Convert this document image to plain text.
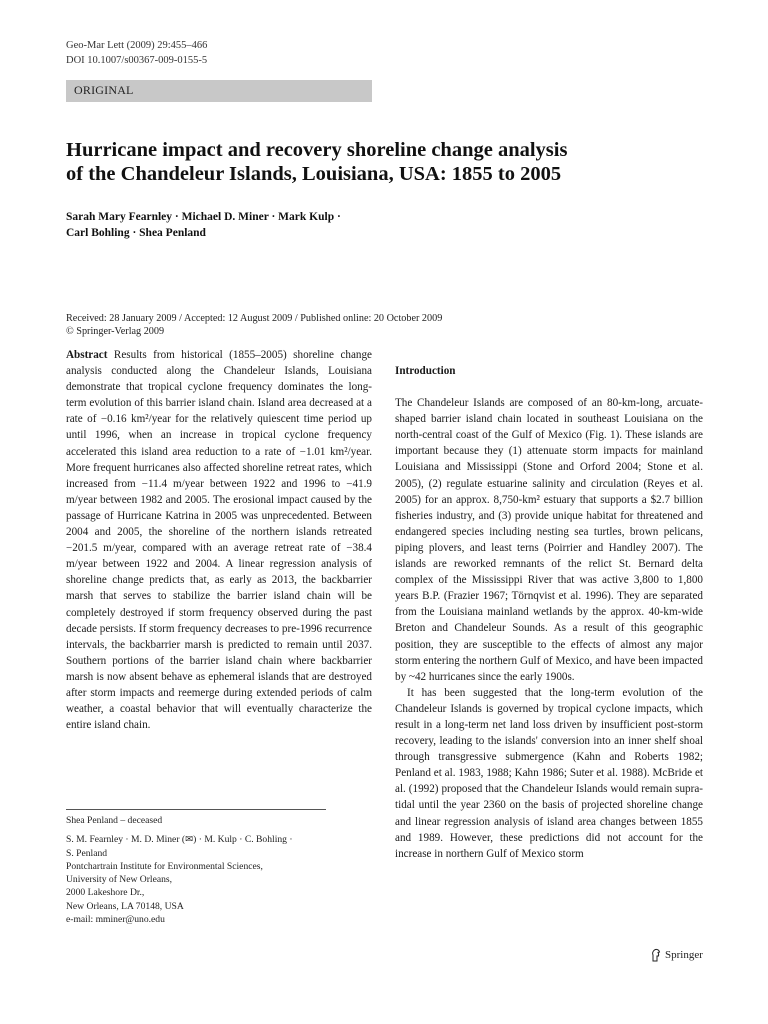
Geo-Mar Lett (2009) 29:455–466
DOI 10.1007/s00367-009-0155-5
ORIGINAL
Hurricane impact and recovery shoreline change analysis
of the Chandeleur Islands, Louisiana, USA: 1855 to 2005
Sarah Mary Fearnley · Michael D. Miner · Mark Kulp ·
Carl Bohling · Shea Penland
Received: 28 January 2009 / Accepted: 12 August 2009 / Published online: 20 October 2009
© Springer-Verlag 2009

Abstract Results from historical (1855–2005) shoreline change analysis conducted along the Chandeleur Islands, Louisiana demonstrate that tropical cyclone frequency dominates the long-term evolution of this barrier island chain. Island area decreased at a rate of −0.16 km²/year for the relatively quiescent time period up until 1996, when an increase in tropical cyclone frequency accelerated this island area reduction to a rate of −1.01 km²/year. More frequent hurricanes also affected shoreline retreat rates, which increased from −11.4 m/year between 1922 and 1996 to −41.9 m/year between 1982 and 2005. The erosional impact caused by the passage of Hurricane Katrina in 2005 was unprecedented. Between 2004 and 2005, the shoreline of the northern islands retreated −201.5 m/year, compared with an average retreat rate of −38.4 m/year between 1922 and 2004. A linear regression analysis of shoreline change predicts that, as early as 2013, the backbarrier marsh that serves to stabilize the barrier island chain will be completely destroyed if storm frequency observed during the past decade persists. If storm frequency decreases to pre-1996 recurrence intervals, the backbarrier marsh is predicted to remain until 2037. Southern portions of the barrier island chain where backbarrier marsh is now absent behave as ephemeral islands that are destroyed after storm impacts and reemerge during extended periods of calm weather, a coastal behavior that will eventually characterize the entire island chain.

Shea Penland – deceased

S. M. Fearnley · M. D. Miner (✉) · M. Kulp · C. Bohling ·

S. Penland

Pontchartrain Institute for Environmental Sciences,

University of New Orleans,

2000 Lakeshore Dr.,

New Orleans, LA 70148, USA

e-mail: mminer@uno.edu

Introduction

The Chandeleur Islands are composed of an 80-km-long, arcuate-shaped barrier island chain located in southeast Louisiana on the north-central coast of the Gulf of Mexico (Fig. 1). These islands are important because they (1) attenuate storm impacts for mainland Louisiana and Mississippi (Stone and Orford 2004; Stone et al. 2005), (2) regulate estuarine salinity and circulation (Reyes et al. 2005) for an approx. 8,750-km² estuary that supports a $2.7 billion fisheries industry, and (3) provide unique habitat for threatened and endangered species including nesting sea turtles, brown pelicans, piping plovers, and least terns (Poirrier and Handley 2007). The islands are reworked remnants of the relict St. Bernard delta complex of the Mississippi River that was active 3,800 to 1,800 years B.P. (Frazier 1967; Törnqvist et al. 1996). They are separated from the Louisiana mainland wetlands by the approx. 40-km-wide Breton and Chandeleur Sounds. As a result of this geographic position, they are susceptible to the effects of almost any major storm entering the northern Gulf of Mexico, and have been impacted by ~42 hurricanes since the early 1900s.

It has been suggested that the long-term evolution of the Chandeleur Islands is governed by tropical cyclone impacts, which result in a long-term net land loss driven by insufficient post-storm recovery, leading to the islands' conversion into an inner shelf shoal through transgressive submergence (Kahn and Roberts 1982; Penland et al. 1983, 1988; Kahn 1986; Suter et al. 1988). McBride et al. (1992) proposed that the Chandeleur Islands would remain supra-tidal until the year 2360 on the basis of projected shoreline change and linear regression analysis of island area changes between 1855 and 1989. However, these predictions did not account for the increase in northern Gulf of Mexico storm

Springer
